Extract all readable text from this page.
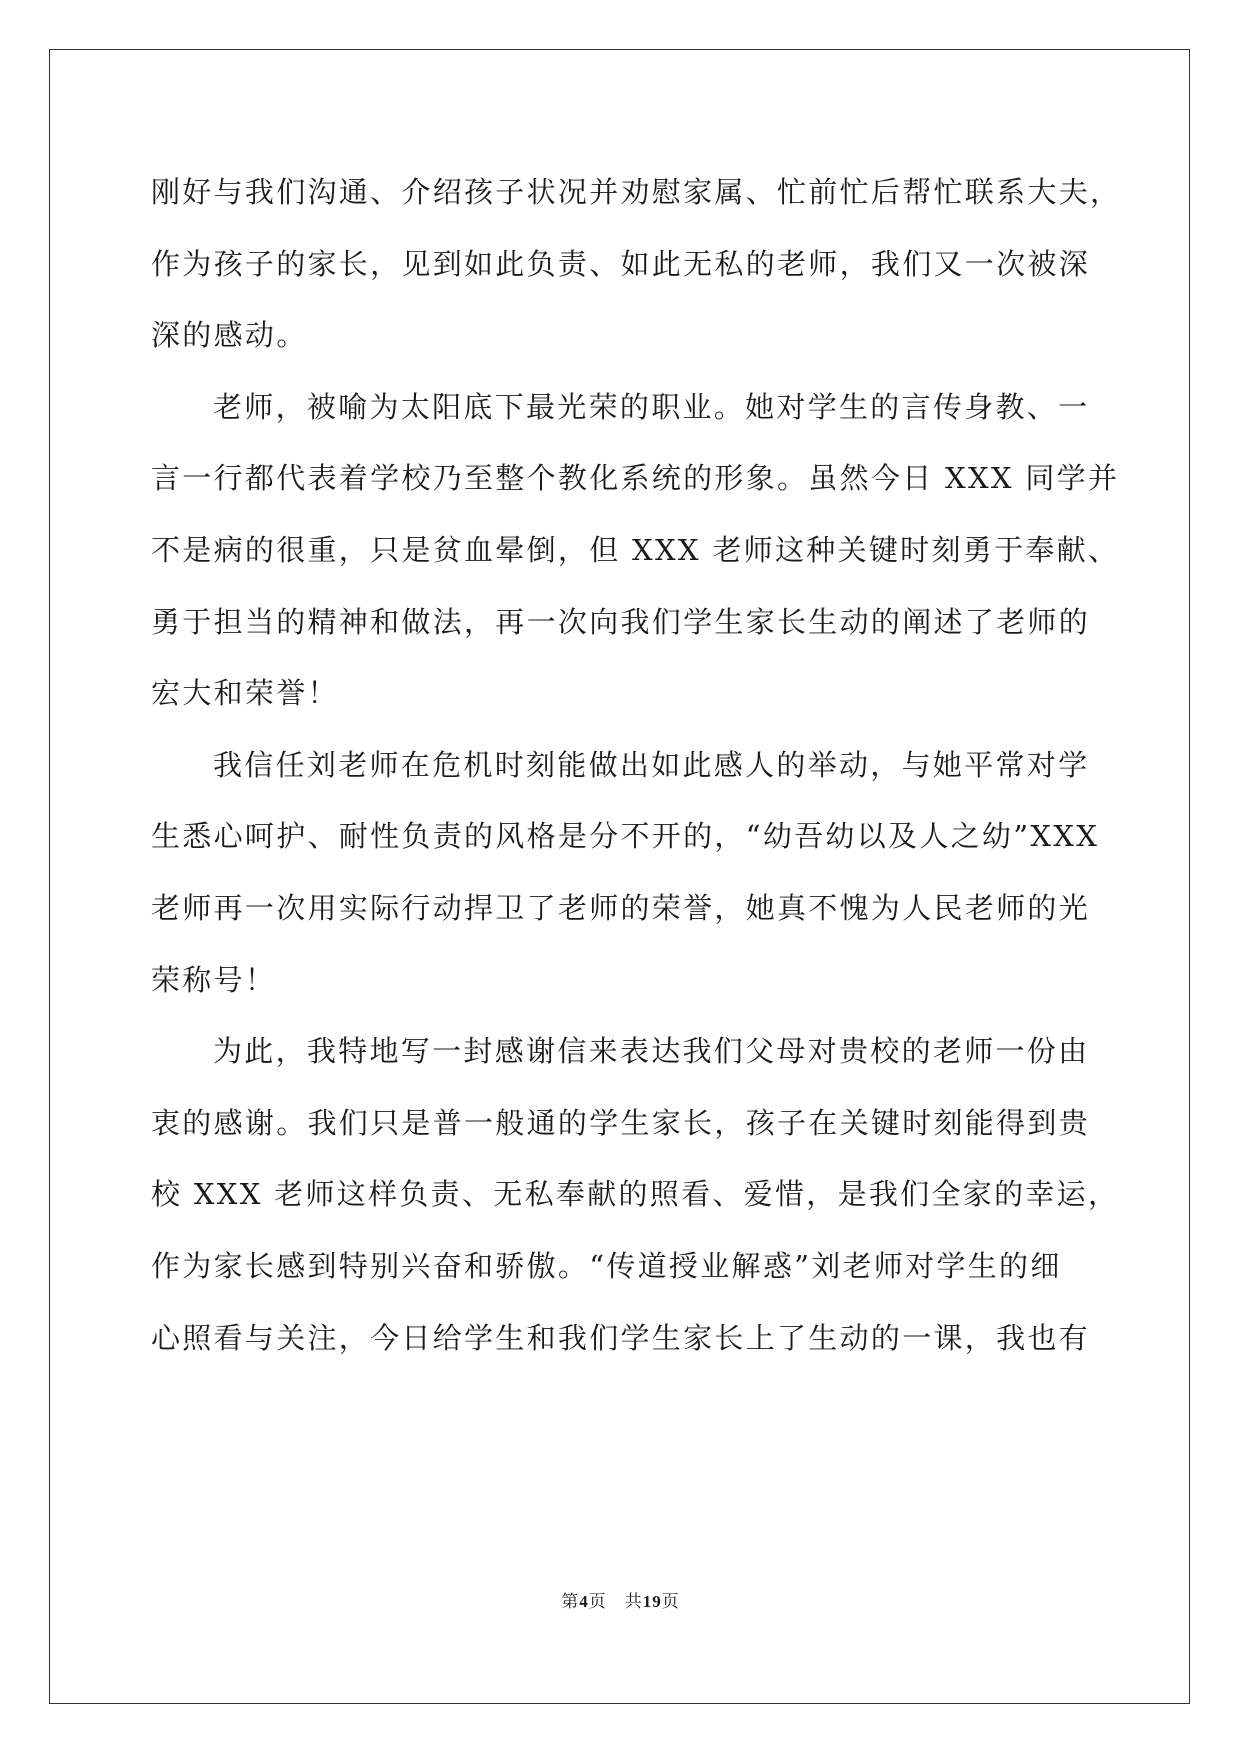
刚好与我们沟通、介绍孩子状况并劝慰家属、忙前忙后帮忙联系大夫，
作为孩子的家长，见到如此负责、如此无私的老师，我们又一次被深
深的感动。
老师，被喻为太阳底下最光荣的职业。她对学生的言传身教、一
言一行都代表着学校乃至整个教化系统的形象。虽然今日 XXX 同学并
不是病的很重，只是贫血晕倒，但 XXX 老师这种关键时刻勇于奉献、
勇于担当的精神和做法，再一次向我们学生家长生动的阐述了老师的
宏大和荣誉！
我信任刘老师在危机时刻能做出如此感人的举动，与她平常对学
生悉心呵护、耐性负责的风格是分不开的，“幼吾幼以及人之幼”XXX
老师再一次用实际行动捍卫了老师的荣誉，她真不愧为人民老师的光
荣称号！
为此，我特地写一封感谢信来表达我们父母对贵校的老师一份由
衷的感谢。我们只是普一般通的学生家长，孩子在关键时刻能得到贵
校 XXX 老师这样负责、无私奉献的照看、爱惜，是我们全家的幸运，
作为家长感到特别兴奋和骄傲。“传道授业解惑”刘老师对学生的细
心照看与关注，今日给学生和我们学生家长上了生动的一课，我也有
第4页 共19页
